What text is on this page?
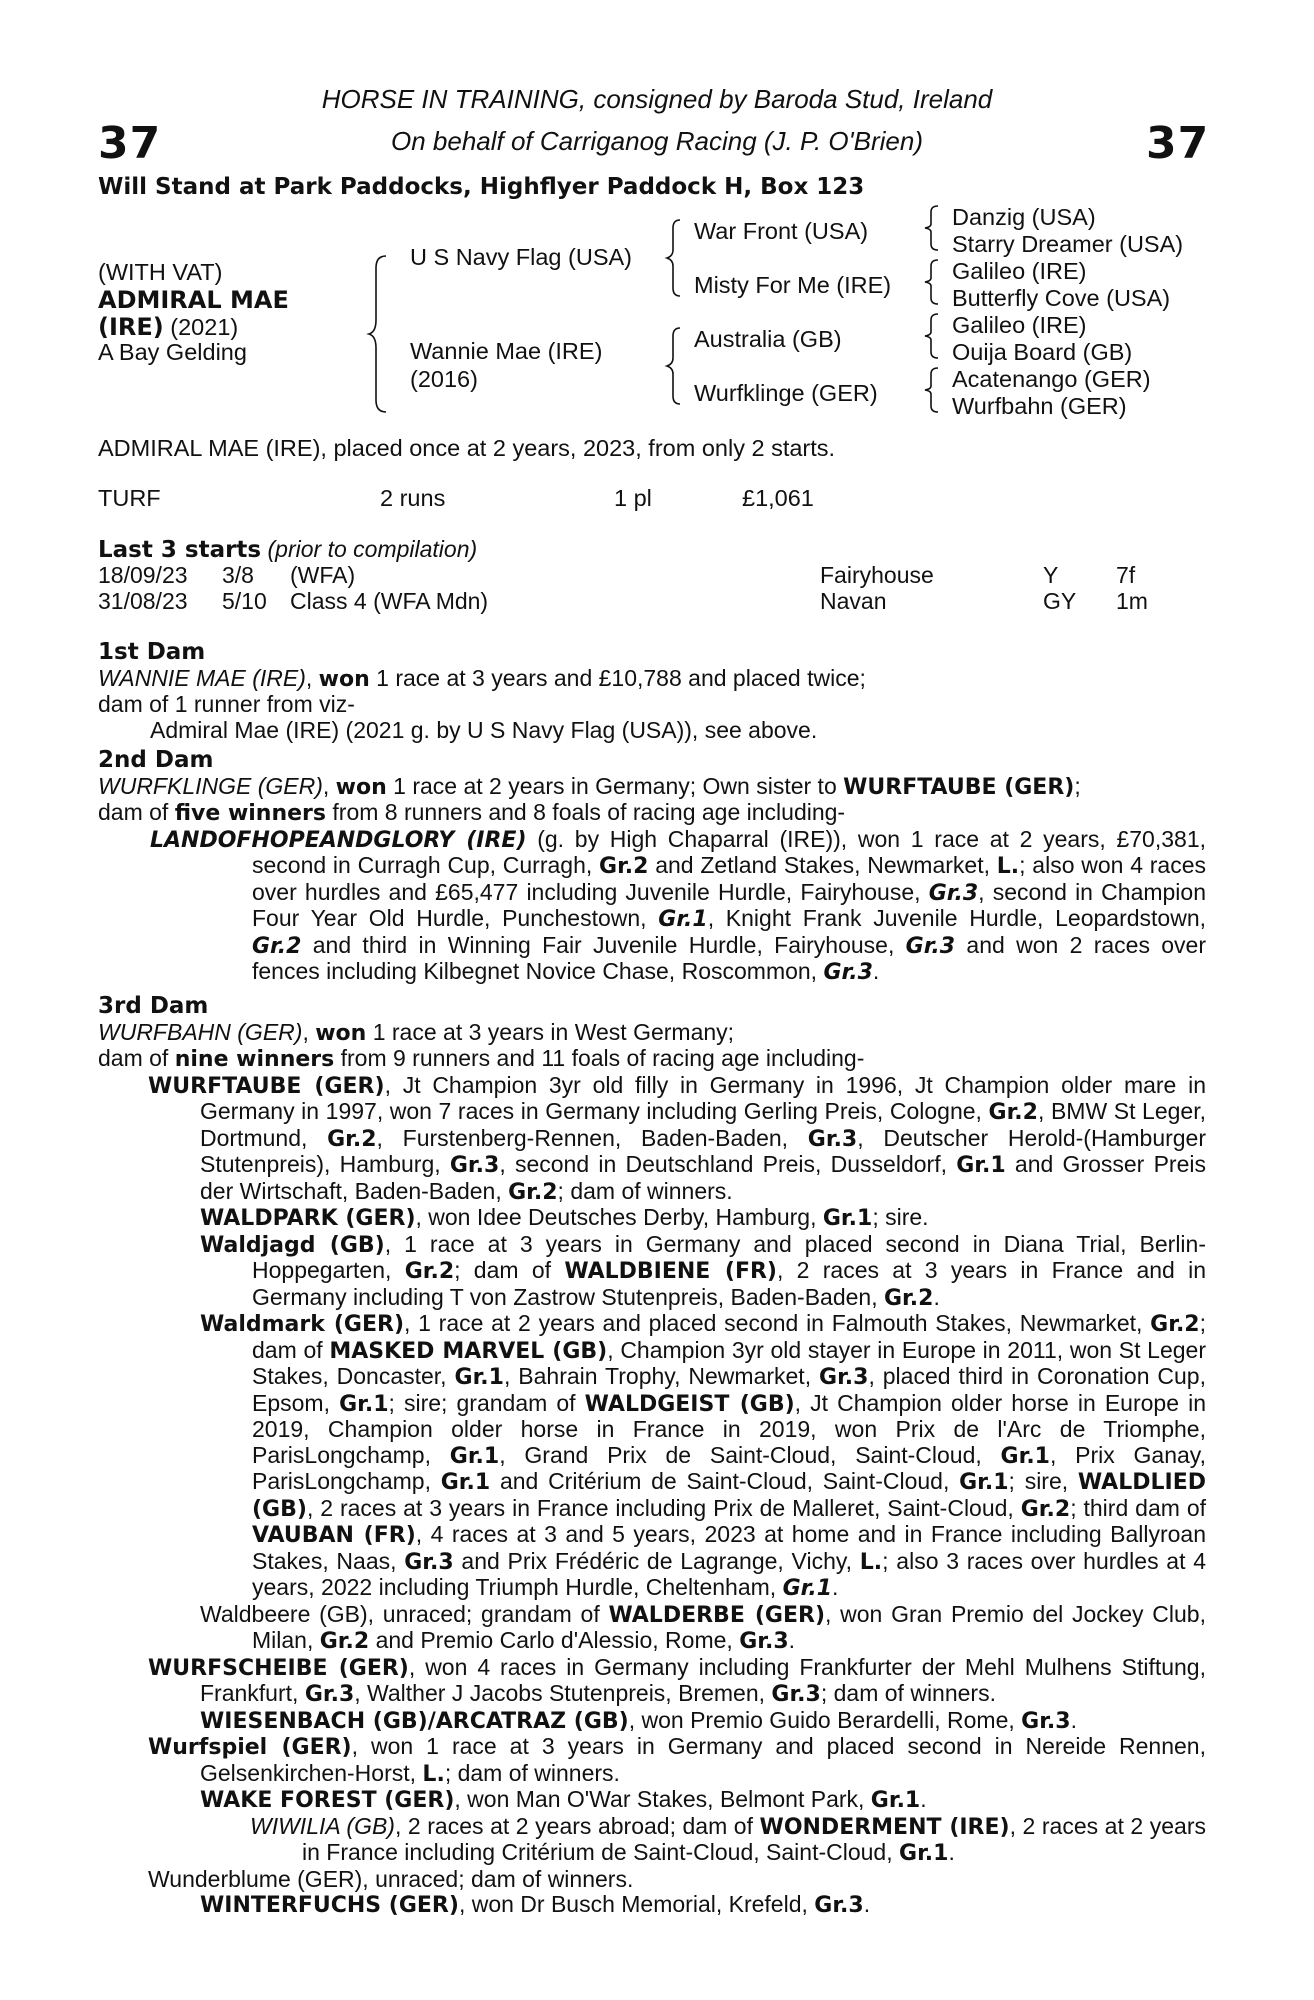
37	37
HORSE IN TRAINING, consigned by Baroda Stud, Ireland
On behalf of Carriganog Racing (J. P. O'Brien)
Will Stand at Park Paddocks, Highflyer Paddock H, Box 123
(WITH VAT)
ADMIRAL MAE
(IRE) (2021)
A Bay Gelding
U S Navy Flag (USA)
Wannie Mae (IRE)
(2016)
War Front (USA)
Misty For Me (IRE)
Australia (GB)
Wurfklinge (GER)
Danzig (USA)
Starry Dreamer (USA)
Galileo (IRE)
Butterfly Cove (USA)
Galileo (IRE)
Ouija Board (GB)
Acatenango (GER)
Wurfbahn (GER)
ADMIRAL MAE (IRE), placed once at 2 years, 2023, from only 2 starts.
TURF	2 runs	1 pl	£1,061
Last 3 starts (prior to compilation)
18/09/23 3/8 (WFA)	Fairyhouse	Y	7f
31/08/23 5/10 Class 4 (WFA Mdn)	Navan	GY 1m

1st Dam

WANNIE MAE (IRE), won 1 race at 3 years and £10,788 and placed twice;

dam of 1 runner from viz-

Admiral Mae (IRE) (2021 g. by U S Navy Flag (USA)), see above.

2nd Dam

WURFKLINGE (GER), won 1 race at 2 years in Germany; Own sister to WURFTAUBE (GER);

dam of five winners from 8 runners and 8 foals of racing age including-

LANDOFHOPEANDGLORY (IRE) (g. by High Chaparral (IRE)), won 1 race at 2 years, £70,381, second in Curragh Cup, Curragh, Gr.2 and Zetland Stakes, Newmarket, L.; also won 4 races over hurdles and £65,477 including Juvenile Hurdle, Fairyhouse, Gr.3, second in Champion Four Year Old Hurdle, Punchestown, Gr.1, Knight Frank Juvenile Hurdle, Leopardstown, Gr.2 and third in Winning Fair Juvenile Hurdle, Fairyhouse, Gr.3 and won 2 races over fences including Kilbegnet Novice Chase, Roscommon, Gr.3.

3rd Dam

WURFBAHN (GER), won 1 race at 3 years in West Germany;

dam of nine winners from 9 runners and 11 foals of racing age including-

WURFTAUBE (GER), Jt Champion 3yr old filly in Germany in 1996, Jt Champion older mare in Germany in 1997, won 7 races in Germany including Gerling Preis, Cologne, Gr.2, BMW St Leger, Dortmund, Gr.2, Furstenberg-Rennen, Baden-Baden, Gr.3, Deutscher Herold-(Hamburger Stutenpreis), Hamburg, Gr.3, second in Deutschland Preis, Dusseldorf, Gr.1 and Grosser Preis der Wirtschaft, Baden-Baden, Gr.2; dam of winners.

WALDPARK (GER), won Idee Deutsches Derby, Hamburg, Gr.1; sire.

Waldjagd (GB), 1 race at 3 years in Germany and placed second in Diana Trial, Berlin-Hoppegarten, Gr.2; dam of WALDBIENE (FR), 2 races at 3 years in France and in Germany including T von Zastrow Stutenpreis, Baden-Baden, Gr.2.

Waldmark (GER), 1 race at 2 years and placed second in Falmouth Stakes, Newmarket, Gr.2; dam of MASKED MARVEL (GB), Champion 3yr old stayer in Europe in 2011, won St Leger Stakes, Doncaster, Gr.1, Bahrain Trophy, Newmarket, Gr.3, placed third in Coronation Cup, Epsom, Gr.1; sire; grandam of WALDGEIST (GB), Jt Champion older horse in Europe in 2019, Champion older horse in France in 2019, won Prix de l'Arc de Triomphe, ParisLongchamp, Gr.1, Grand Prix de Saint-Cloud, Saint-Cloud, Gr.1, Prix Ganay, ParisLongchamp, Gr.1 and Critérium de Saint-Cloud, Saint-Cloud, Gr.1; sire, WALDLIED (GB), 2 races at 3 years in France including Prix de Malleret, Saint-Cloud, Gr.2; third dam of VAUBAN (FR), 4 races at 3 and 5 years, 2023 at home and in France including Ballyroan Stakes, Naas, Gr.3 and Prix Frédéric de Lagrange, Vichy, L.; also 3 races over hurdles at 4 years, 2022 including Triumph Hurdle, Cheltenham, Gr.1.

Waldbeere (GB), unraced; grandam of WALDERBE (GER), won Gran Premio del Jockey Club, Milan, Gr.2 and Premio Carlo d'Alessio, Rome, Gr.3.

WURFSCHEIBE (GER), won 4 races in Germany including Frankfurter der Mehl Mulhens Stiftung, Frankfurt, Gr.3, Walther J Jacobs Stutenpreis, Bremen, Gr.3; dam of winners.

WIESENBACH (GB)/ARCATRAZ (GB), won Premio Guido Berardelli, Rome, Gr.3.

Wurfspiel (GER), won 1 race at 3 years in Germany and placed second in Nereide Rennen, Gelsenkirchen-Horst, L.; dam of winners.

WAKE FOREST (GER), won Man O'War Stakes, Belmont Park, Gr.1.

WIWILIA (GB), 2 races at 2 years abroad; dam of WONDERMENT (IRE), 2 races at 2 years in France including Critérium de Saint-Cloud, Saint-Cloud, Gr.1.

Wunderblume (GER), unraced; dam of winners.

WINTERFUCHS (GER), won Dr Busch Memorial, Krefeld, Gr.3.
